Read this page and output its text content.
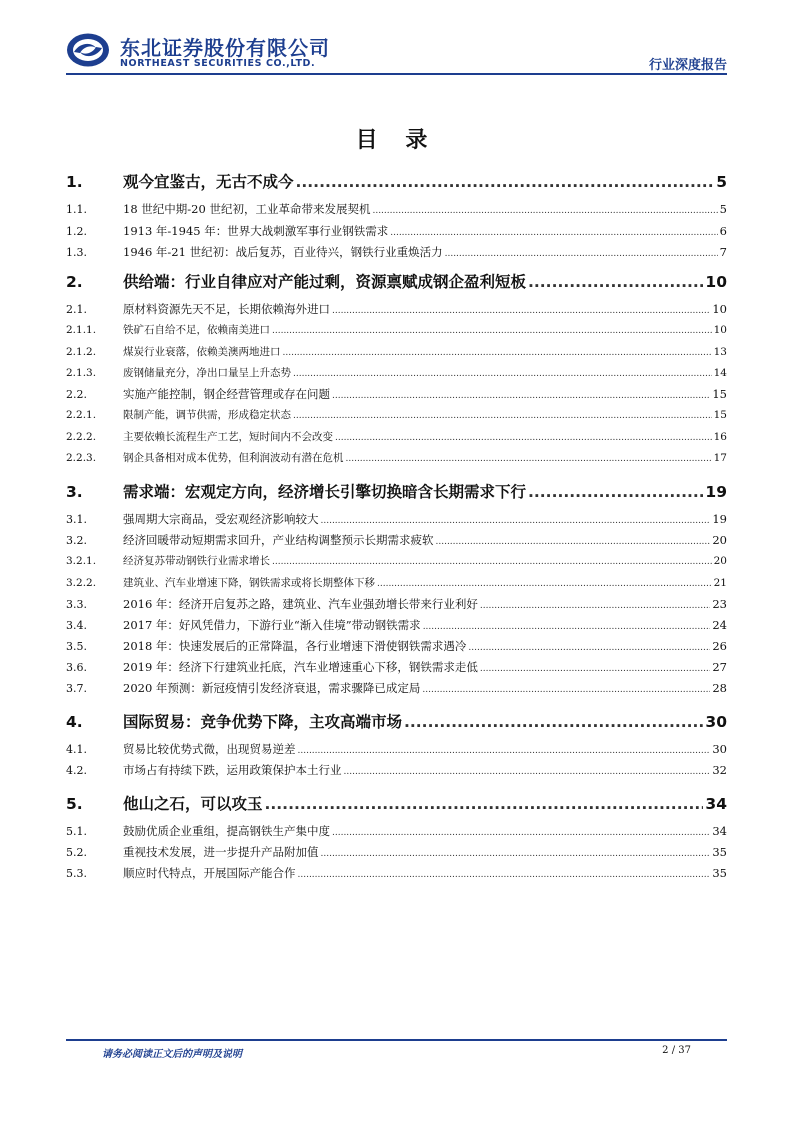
东北证券股份有限公司
NORTHEAST SECURITIES CO.,LTD.	行业深度报告
目 录
1.	观今宜鉴古，无古不成今 .....	5
1.1.	18 世纪中期-20 世纪初，工业革命带来发展契机 .....	5
1.2.	1913 年-1945 年：世界大战刺激军事行业钢铁需求 .....	6
1.3.	1946 年-21 世纪初：战后复苏，百业待兴，钢铁行业重焕活力 .....	7
2.	供给端：行业自律应对产能过剩，资源禀赋成钢企盈利短板 .....	10
2.1.	原材料资源先天不足，长期依赖海外进口 .....	10
2.1.1.	铁矿石自给不足，依赖南美进口 .....	10
2.1.2.	煤炭行业衰落，依赖美澳两地进口 .....	13
2.1.3.	废钢储量充分，净出口量呈上升态势 .....	14
2.2.	实施产能控制，钢企经营管理或存在问题 .....	15
2.2.1.	限制产能，调节供需，形成稳定状态 .....	15
2.2.2.	主要依赖长流程生产工艺，短时间内不会改变 .....	16
2.2.3.	钢企具备相对成本优势，但利润波动有潜在危机 .....	17
3.	需求端：宏观定方向，经济增长引擎切换暗含长期需求下行 .....	19
3.1.	强周期大宗商品，受宏观经济影响较大 .....	19
3.2.	经济回暖带动短期需求回升，产业结构调整预示长期需求疲软 .....	20
3.2.1.	经济复苏带动钢铁行业需求增长 .....	20
3.2.2.	建筑业、汽车业增速下降，钢铁需求或将长期整体下移 .....	21
3.3.	2016 年：经济开启复苏之路，建筑业、汽车业强劲增长带来行业利好 .....	23
3.4.	2017 年：好风凭借力，下游行业“渐入佳境”带动钢铁需求 .....	24
3.5.	2018 年：快速发展后的正常降温，各行业增速下滑使钢铁需求遇冷 .....	26
3.6.	2019 年：经济下行建筑业托底，汽车业增速重心下移，钢铁需求走低 .....	27
3.7.	2020 年预测：新冠疫情引发经济衰退，需求骤降已成定局 .....	28
4.	国际贸易：竞争优势下降，主攻高端市场 .....	30
4.1.	贸易比较优势式微，出现贸易逆差 .....	30
4.2.	市场占有持续下跌，运用政策保护本土行业 .....	32
5.	他山之石，可以攻玉 .....	34
5.1.	鼓励优质企业重组，提高钢铁生产集中度 .....	34
5.2.	重视技术发展，进一步提升产品附加值 .....	35
5.3.	顺应时代特点，开展国际产能合作 .....	35
请务必阅读正文后的声明及说明	2 / 37
